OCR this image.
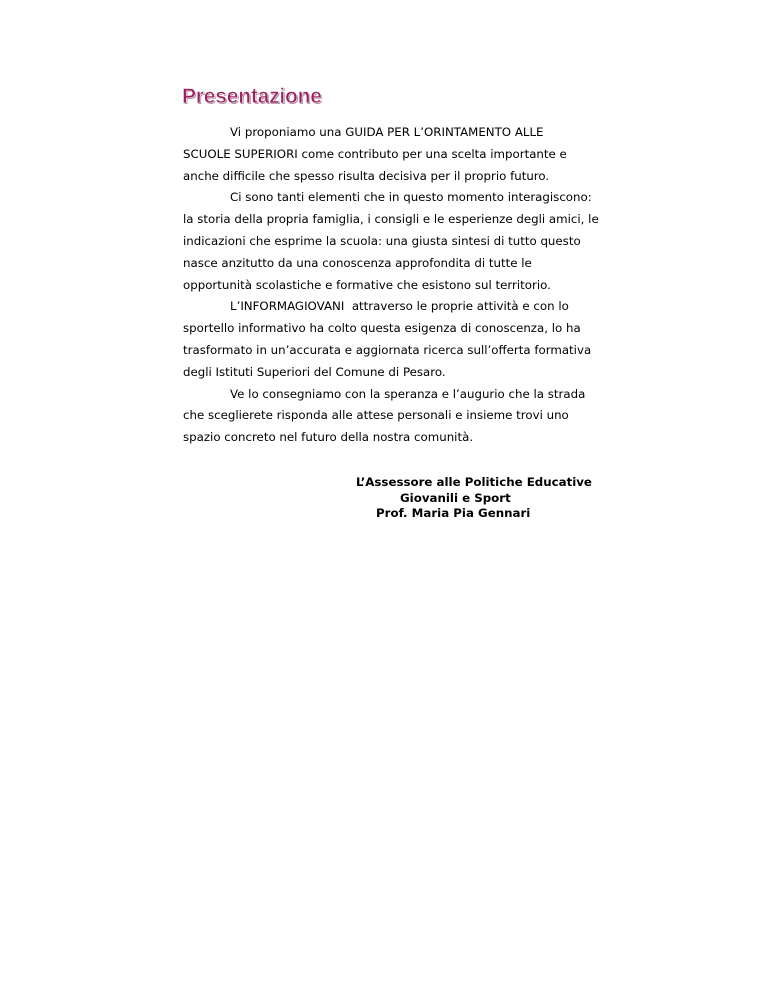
Presentazione
Vi proponiamo una GUIDA PER L’ORINTAMENTO ALLE
SCUOLE SUPERIORI come contributo per una scelta importante e
anche difficile che spesso risulta decisiva per il proprio futuro.
Ci sono tanti elementi che in questo momento interagiscono:
la storia della propria famiglia, i consigli e le esperienze degli amici, le
indicazioni che esprime la scuola: una giusta sintesi di tutto questo
nasce anzitutto da una conoscenza approfondita di tutte le
opportunità scolastiche e formative che esistono sul territorio.
L’INFORMAGIOVANI  attraverso le proprie attività e con lo
sportello informativo ha colto questa esigenza di conoscenza, lo ha
trasformato in un’accurata e aggiornata ricerca sull’offerta formativa
degli Istituti Superiori del Comune di Pesaro.
Ve lo consegniamo con la speranza e l’augurio che la strada
che sceglierete risponda alle attese personali e insieme trovi uno
spazio concreto nel futuro della nostra comunità.
L’Assessore alle Politiche Educative
Giovanili e Sport
Prof. Maria Pia Gennari
